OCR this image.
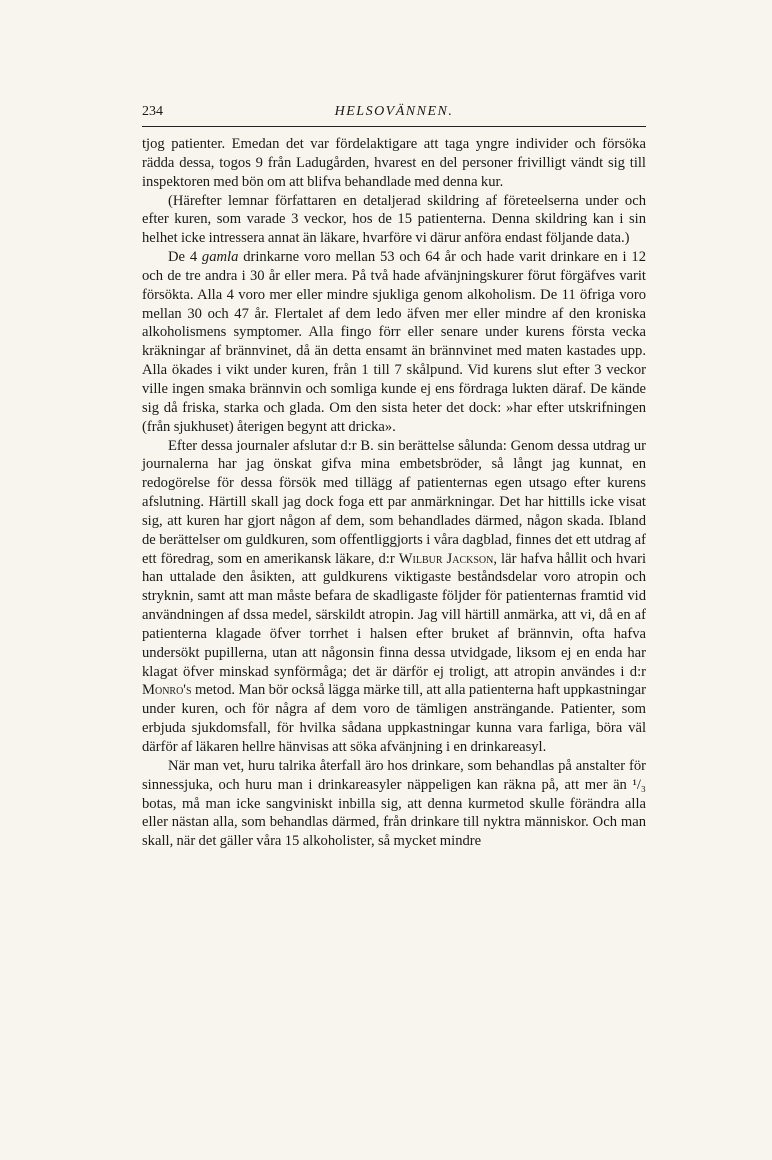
234	HELSOVÄNNEN.

tjog patienter. Emedan det var fördelaktigare att taga yngre individer och försöka rädda dessa, togos 9 från Ladugården, hvarest en del personer frivilligt vändt sig till inspektoren med bön om att blifva behandlade med denna kur.

(Härefter lemnar författaren en detaljerad skildring af företeelserna under och efter kuren, som varade 3 veckor, hos de 15 patienterna. Denna skildring kan i sin helhet icke intressera annat än läkare, hvarföre vi därur anföra endast följande data.)

De 4 gamla drinkarne voro mellan 53 och 64 år och hade varit drinkare en i 12 och de tre andra i 30 år eller mera. På två hade afvänjningskurer förut förgäfves varit försökta. Alla 4 voro mer eller mindre sjukliga genom alkoholism. De 11 öfriga voro mellan 30 och 47 år. Flertalet af dem ledo äfven mer eller mindre af den kroniska alkoholismens symptomer. Alla fingo förr eller senare under kurens första vecka kräkningar af brännvinet, då än detta ensamt än brännvinet med maten kastades upp. Alla ökades i vikt under kuren, från 1 till 7 skålpund. Vid kurens slut efter 3 veckor ville ingen smaka brännvin och somliga kunde ej ens fördraga lukten däraf. De kände sig då friska, starka och glada. Om den sista heter det dock: »har efter utskrifningen (från sjukhuset) återigen begynt att dricka».

Efter dessa journaler afslutar d:r B. sin berättelse sålunda: Genom dessa utdrag ur journalerna har jag önskat gifva mina embetsbröder, så långt jag kunnat, en redogörelse för dessa försök med tillägg af patienternas egen utsago efter kurens afslutning. Härtill skall jag dock foga ett par anmärkningar. Det har hittills icke visat sig, att kuren har gjort någon af dem, som behandlades därmed, någon skada. Ibland de berättelser om guldkuren, som offentliggjorts i våra dagblad, finnes det ett utdrag af ett föredrag, som en amerikansk läkare, d:r Wilbur Jackson, lär hafva hållit och hvari han uttalade den åsikten, att guldkurens viktigaste beståndsdelar voro atropin och stryknin, samt att man måste befara de skadligaste följder för patienternas framtid vid användningen af dssa medel, särskildt atropin. Jag vill härtill anmärka, att vi, då en af patienterna klagade öfver torrhet i halsen efter bruket af brännvin, ofta hafva undersökt pupillerna, utan att någonsin finna dessa utvidgade, liksom ej en enda har klagat öfver minskad synförmåga; det är därför ej troligt, att atropin användes i d:r Monro's metod. Man bör också lägga märke till, att alla patienterna haft uppkastningar under kuren, och för några af dem voro de tämligen ansträngande. Patienter, som erbjuda sjukdomsfall, för hvilka sådana uppkastningar kunna vara farliga, böra väl därför af läkaren hellre hänvisas att söka afvänjning i en drinkareasyl.

När man vet, huru talrika återfall äro hos drinkare, som behandlas på anstalter för sinnessjuka, och huru man i drinkareasyler näppeligen kan räkna på, att mer än ¹/₃ botas, må man icke sangviniskt inbilla sig, att denna kurmetod skulle förändra alla eller nästan alla, som behandlas därmed, från drinkare till nyktra människor. Och man skall, när det gäller våra 15 alkoholister, så mycket mindre
